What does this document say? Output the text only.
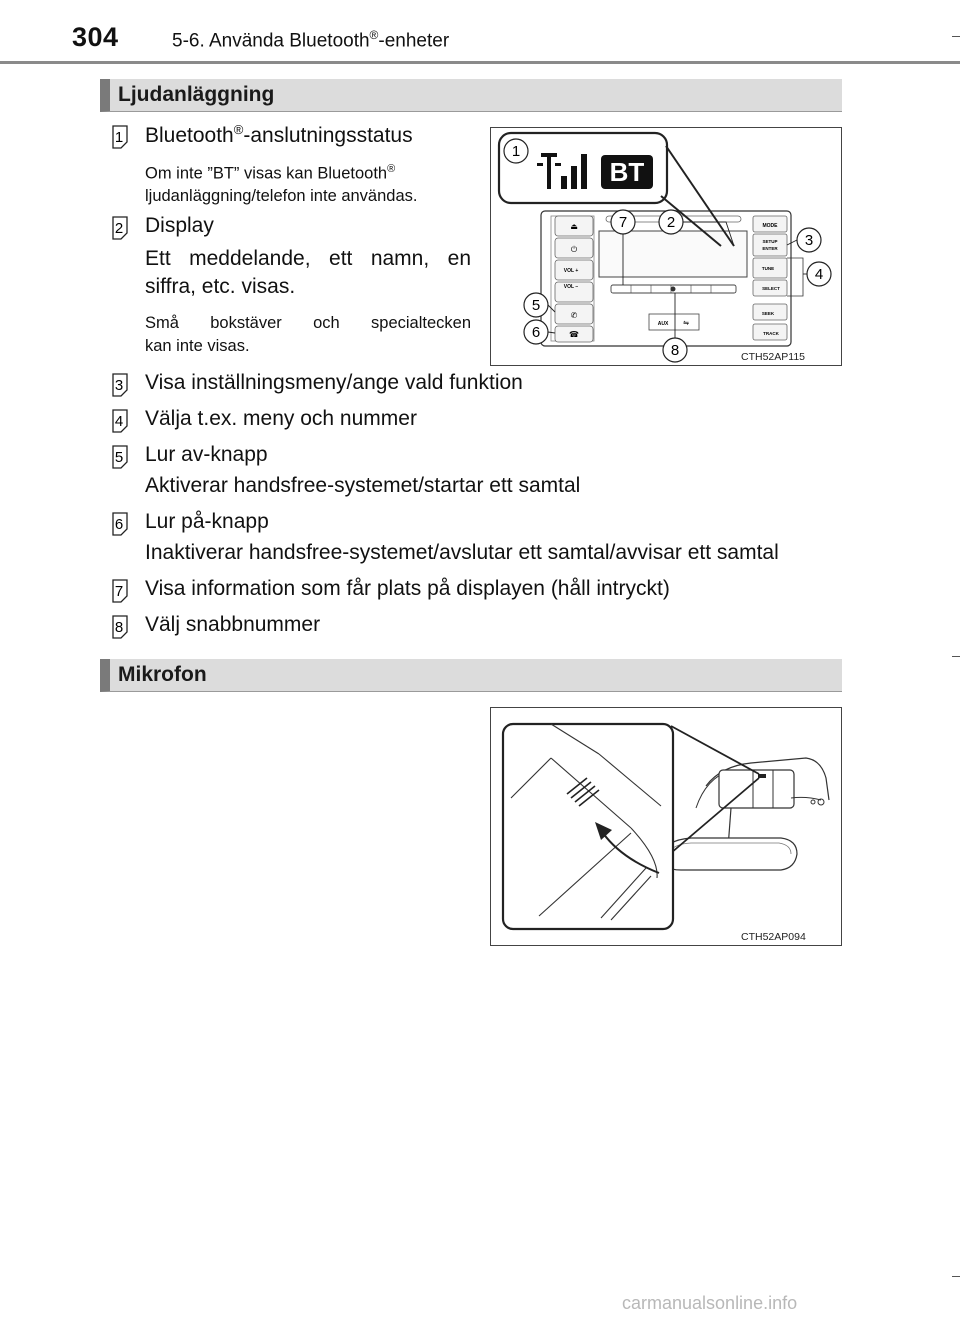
304	5-6. Använda Bluetooth®-enheter
Ljudanläggning
1 Bluetooth®-anslutningsstatus
Om inte ”BT” visas kan Bluetooth®
ljudanläggning/telefon inte användas.
2 Display
Ett meddelande, ett namn, en
siffra, etc. visas.
Små bokstäver och specialtecken
kan inte visas.
⏏
⏻
VOL +
VOL −
✆
☎
AUX ⇋
MODE
SETUP
ENTER
TUNE
SELECT
SEEK
TRACK
BT
1
2
3
4
5
6
7
8	CTH52AP115
3 Visa inställningsmeny/ange vald funktion
4 Välja t.ex. meny och nummer
5 Lur av-knapp
Aktiverar handsfree-systemet/startar ett samtal
6 Lur på-knapp
Inaktiverar handsfree-systemet/avslutar ett samtal/avvisar ett samtal
7 Visa information som får plats på displayen (håll intryckt)
8 Välj snabbnummer
Mikrofon
CTH52AP094
carmanualsonline.info
